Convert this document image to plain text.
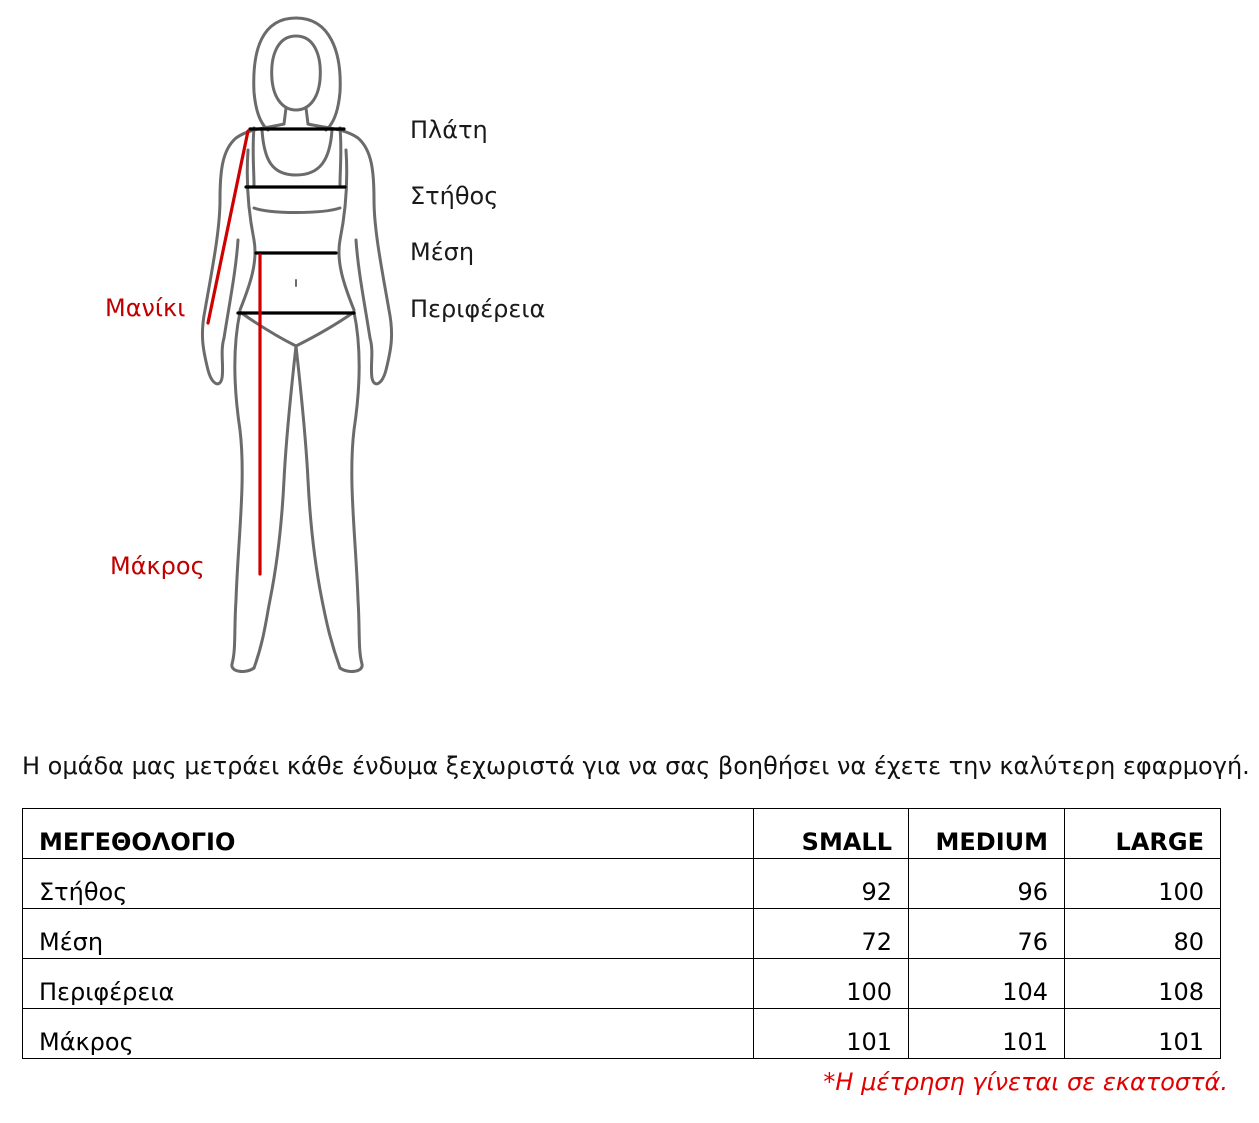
Πλάτη
Στήθος
Μέση
Περιφέρεια
Μανίκι
Μάκρος
Η ομάδα μας μετράει κάθε ένδυμα ξεχωριστά για να σας βοηθήσει να έχετε την καλύτερη εφαρμογή.
ΜΕΓΕΘΟΛΟΓΙΟ	SMALL	MEDIUM	LARGE
Στήθος	92	96	100
Μέση	72	76	80
Περιφέρεια	100	104	108
Μάκρος	101	101	101
*Η μέτρηση γίνεται σε εκατοστά.
